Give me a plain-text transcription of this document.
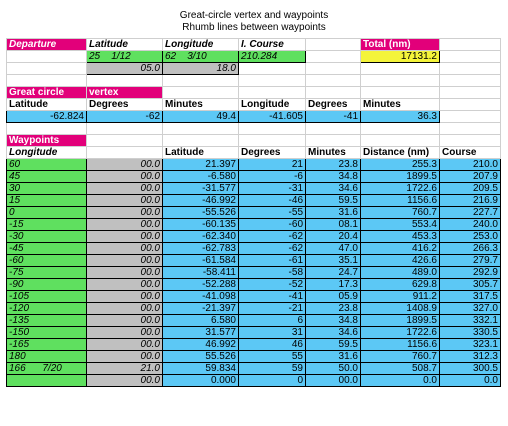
Great-circle vertex and waypoints
Rhumb lines between waypoints
Departure	Latitude	Longitude	I. Course		Total (nm)	
	25 1/12	62 3/10	210.284		17131.2	
	05.0	18.0				

Great circle	vertex					
Latitude	Degrees	Minutes	Longitude	Degrees	Minutes	
-62.824	-62	49.4	-41.605	-41	36.3	

Waypoints						
Longitude		Latitude	Degrees	Minutes	Distance (nm)	Course
60	00.0	21.397	21	23.8	255.3	210.0
45	00.0	-6.580	-6	34.8	1899.5	207.9
30	00.0	-31.577	-31	34.6	1722.6	209.5
15	00.0	-46.992	-46	59.5	1156.6	216.9
0	00.0	-55.526	-55	31.6	760.7	227.7
-15	00.0	-60.135	-60	08.1	553.4	240.0
-30	00.0	-62.340	-62	20.4	453.3	253.0
-45	00.0	-62.783	-62	47.0	416.2	266.3
-60	00.0	-61.584	-61	35.1	426.6	279.7
-75	00.0	-58.411	-58	24.7	489.0	292.9
-90	00.0	-52.288	-52	17.3	629.8	305.7
-105	00.0	-41.098	-41	05.9	911.2	317.5
-120	00.0	-21.397	-21	23.8	1408.9	327.0
-135	00.0	6.580	6	34.8	1899.5	332.1
-150	00.0	31.577	31	34.6	1722.6	330.5
-165	00.0	46.992	46	59.5	1156.6	323.1
180	00.0	55.526	55	31.6	760.7	312.3
166      7/20	21.0	59.834	59	50.0	508.7	300.5
	00.0	0.000	0	00.0	0.0	0.0
